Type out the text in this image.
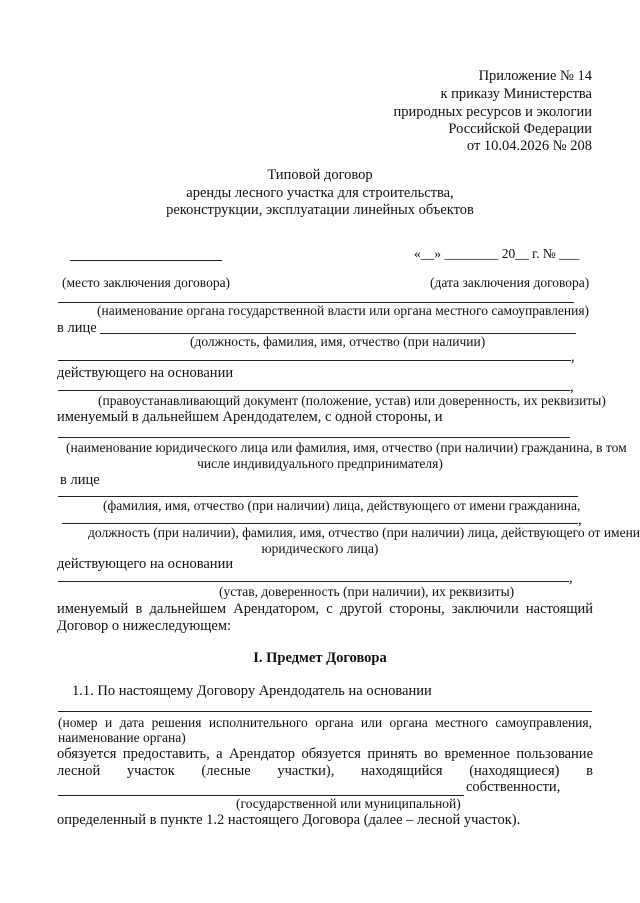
Приложение № 14
к приказу Министерства
природных ресурсов и экологии
Российской Федерации
от 10.04.2026 № 208
Типовой договор
аренды лесного участка для строительства,
реконструкции, эксплуатации линейных объектов
«__» ________ 20__ г. № ___
(место заключения договора)	(дата заключения договора)
(наименование органа государственной власти или органа местного самоуправления)
в лице
(должность, фамилия, имя, отчество (при наличии)
,
действующего на основании
,
(правоустанавливающий документ (положение, устав) или доверенность, их реквизиты)
именуемый в дальнейшем Арендодателем, с одной стороны, и
(наименование юридического лица или фамилия, имя, отчество (при наличии) гражданина, в том
числе индивидуального предпринимателя)
в лице
(фамилия, имя, отчество (при наличии) лица, действующего от имени гражданина,
,
должность (при наличии), фамилия, имя, отчество (при наличии) лица, действующего от имени
юридического лица)
действующего на основании
,
(устав, доверенность (при наличии), их реквизиты)
именуемый в дальнейшем Арендатором, с другой стороны, заключили настоящий
Договор о нижеследующем:
I. Предмет Договора
1.1. По настоящему Договору Арендодатель на основании
(номер и дата решения исполнительного органа или органа местного самоуправления,
наименование органа)
обязуется предоставить, а Арендатор обязуется принять во временное пользование
лесной участок (лесные участки), находящийся (находящиеся) в
собственности,
(государственной или муниципальной)
определенный в пункте 1.2 настоящего Договора (далее – лесной участок).
